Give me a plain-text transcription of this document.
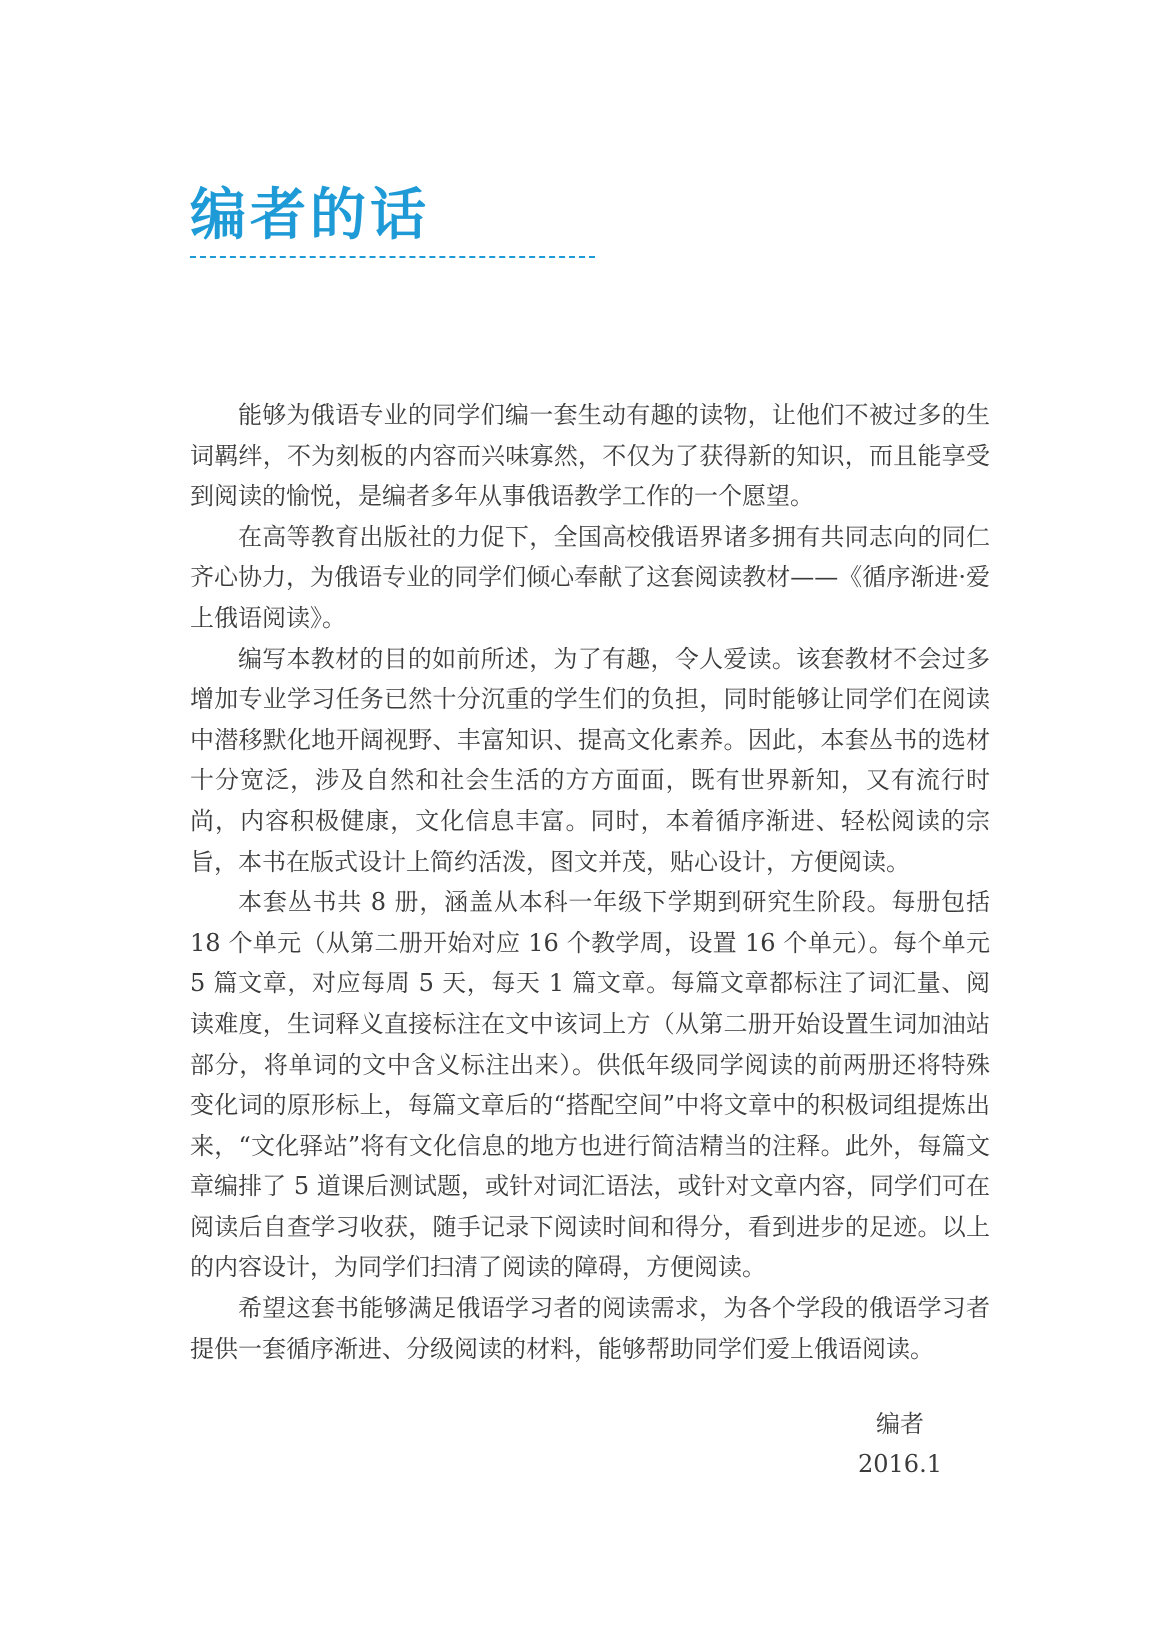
编者的话

能够为俄语专业的同学们编一套生动有趣的读物，让他们不被过多的生词羁绊，不为刻板的内容而兴味寡然，不仅为了获得新的知识，而且能享受到阅读的愉悦，是编者多年从事俄语教学工作的一个愿望。

在高等教育出版社的力促下，全国高校俄语界诸多拥有共同志向的同仁齐心协力，为俄语专业的同学们倾心奉献了这套阅读教材——《循序渐进·爱上俄语阅读》。

编写本教材的目的如前所述，为了有趣，令人爱读。该套教材不会过多增加专业学习任务已然十分沉重的学生们的负担，同时能够让同学们在阅读中潜移默化地开阔视野、丰富知识、提高文化素养。因此，本套丛书的选材十分宽泛，涉及自然和社会生活的方方面面，既有世界新知，又有流行时尚，内容积极健康，文化信息丰富。同时，本着循序渐进、轻松阅读的宗旨，本书在版式设计上简约活泼，图文并茂，贴心设计，方便阅读。

本套丛书共 8 册，涵盖从本科一年级下学期到研究生阶段。每册包括 18 个单元（从第二册开始对应 16 个教学周，设置 16 个单元）。每个单元 5 篇文章，对应每周 5 天，每天 1 篇文章。每篇文章都标注了词汇量、阅读难度，生词释义直接标注在文中该词上方（从第二册开始设置生词加油站部分，将单词的文中含义标注出来）。供低年级同学阅读的前两册还将特殊变化词的原形标上，每篇文章后的“搭配空间”中将文章中的积极词组提炼出来，“文化驿站”将有文化信息的地方也进行简洁精当的注释。此外，每篇文章编排了 5 道课后测试题，或针对词汇语法，或针对文章内容，同学们可在阅读后自查学习收获，随手记录下阅读时间和得分，看到进步的足迹。以上的内容设计，为同学们扫清了阅读的障碍，方便阅读。

希望这套书能够满足俄语学习者的阅读需求，为各个学段的俄语学习者提供一套循序渐进、分级阅读的材料，能够帮助同学们爱上俄语阅读。

编者
2016.1
